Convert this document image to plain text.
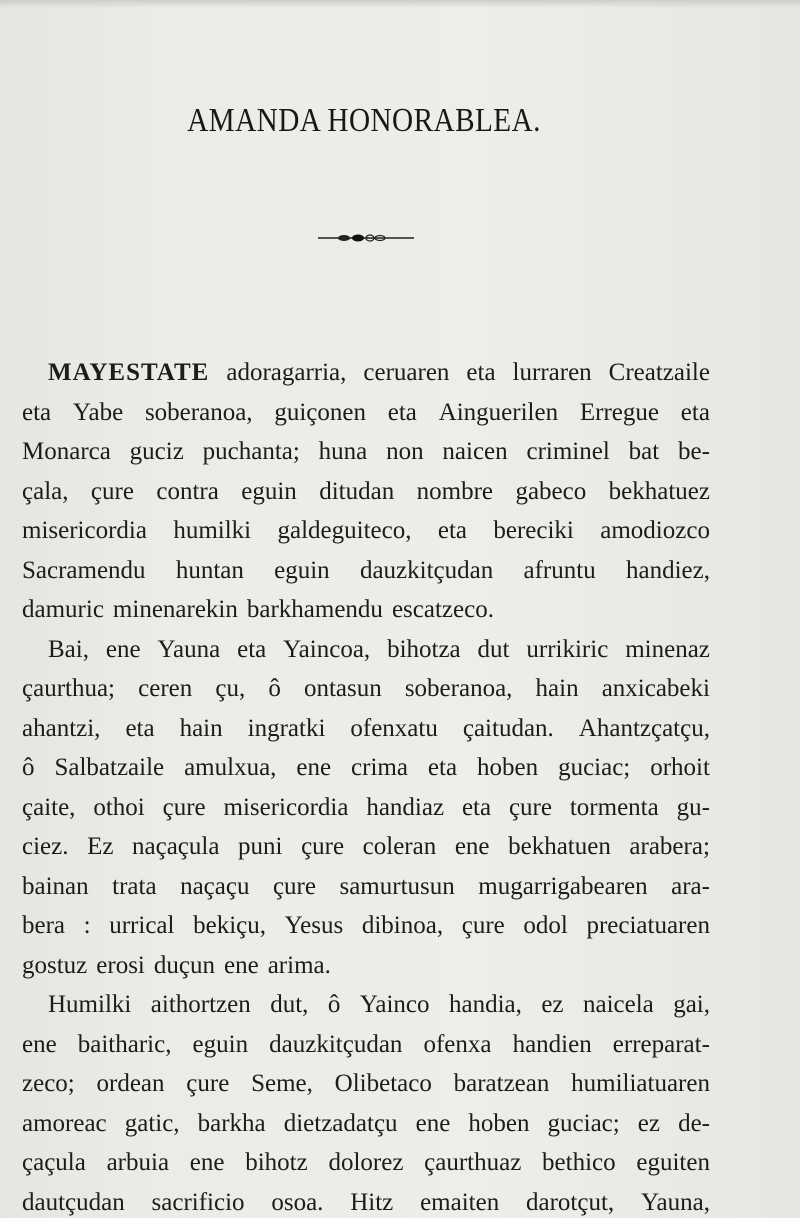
AMANDA HONORABLEA.
MAYESTATE adoragarria, ceruaren eta lurraren Creatzaile
eta Yabe soberanoa, guiçonen eta Ainguerilen Erregue eta
Monarca guciz puchanta; huna non naicen criminel bat be-
çala, çure contra eguin ditudan nombre gabeco bekhatuez
misericordia humilki galdeguiteco, eta bereciki amodiozco
Sacramendu huntan eguin dauzkitçudan afruntu handiez,
damuric minenarekin barkhamendu escatzeco.
Bai, ene Yauna eta Yaincoa, bihotza dut urrikiric minenaz
çaurthua; ceren çu, ô ontasun soberanoa, hain anxicabeki
ahantzi, eta hain ingratki ofenxatu çaitudan. Ahantzçatçu,
ô Salbatzaile amulxua, ene crima eta hoben guciac; orhoit
çaite, othoi çure misericordia handiaz eta çure tormenta gu-
ciez. Ez naçaçula puni çure coleran ene bekhatuen arabera;
bainan trata naçaçu çure samurtusun mugarrigabearen ara-
bera : urrical bekiçu, Yesus dibinoa, çure odol preciatuaren
gostuz erosi duçun ene arima.
Humilki aithortzen dut, ô Yainco handia, ez naicela gai,
ene baitharic, eguin dauzkitçudan ofenxa handien erreparat-
zeco; ordean çure Seme, Olibetaco baratzean humiliatuaren
amoreac gatic, barkha dietzadatçu ene hoben guciac; ez de-
çaçula arbuia ene bihotz dolorez çaurthuaz bethico eguiten
dautçudan sacrificio osoa. Hitz emaiten darotçut, Yauna,
